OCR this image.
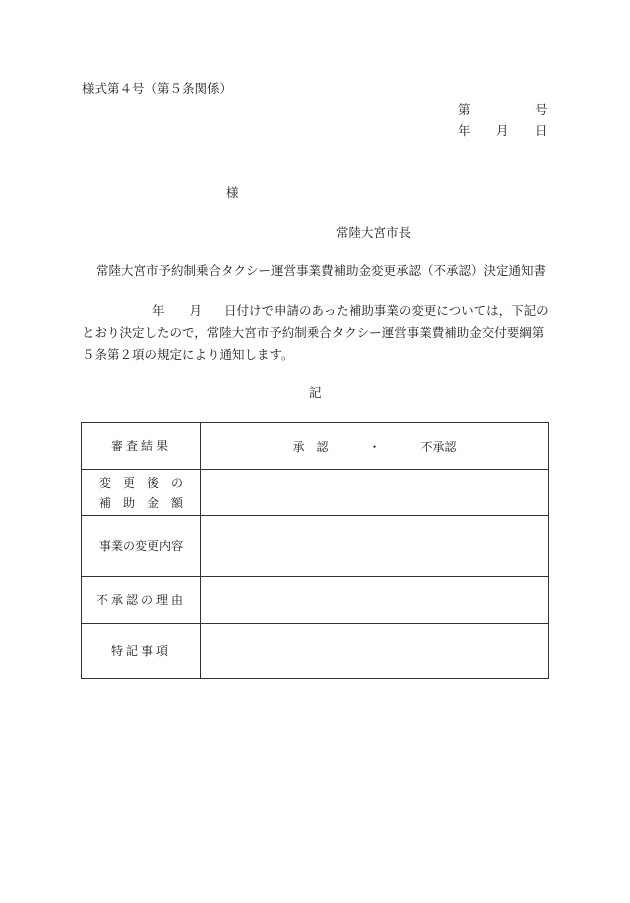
様式第４号（第５条関係）
第	号
年 月 日
様
常陸大宮市長
常陸大宮市予約制乗合タクシー運営事業費補助金変更承認（不承認）決定通知書
年 月 日付けで申請のあった補助事業の変更については，下記のとおり決定したので，常陸大宮市予約制乗合タクシー運営事業費補助金交付要綱第５条第２項の規定により通知します。
記
審査結果	承　認 ・ 不承認

変　更　後　の
補　助　金　額	

事業の変更内容	
不承認の理由	
特記事項	
